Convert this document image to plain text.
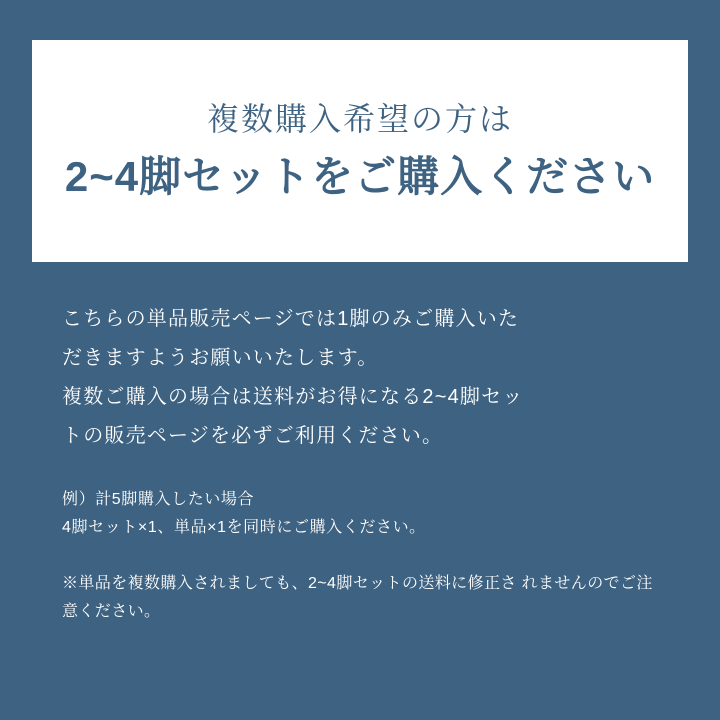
複数購入希望の方は
2~4脚セットをご購入ください
こちらの単品販売ページでは1脚のみご購入いた
だきますようお願いいたします。
複数ご購入の場合は送料がお得になる2~4脚セッ
トの販売ページを必ずご利用ください。
例）計5脚購入したい場合
4脚セット×1、単品×1を同時にご購入ください。
※単品を複数購入されましても、2~4脚セットの送料に修正さ れませんのでご注意ください。
